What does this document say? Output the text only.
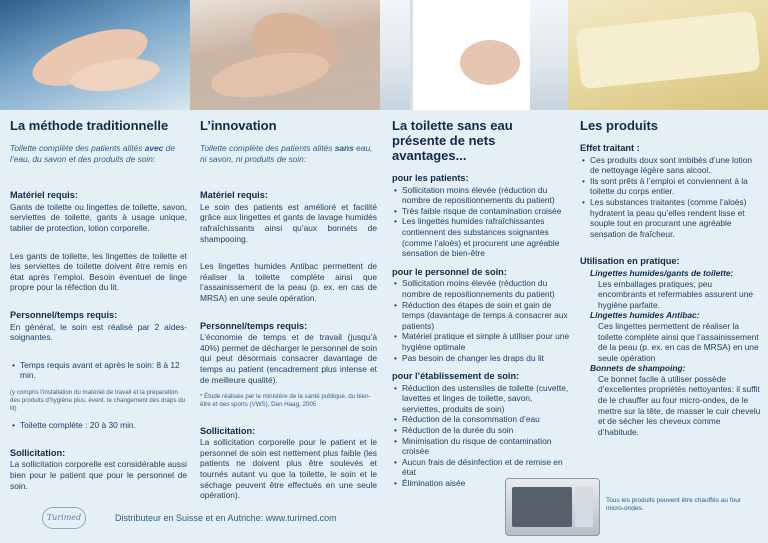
La méthode traditionnelle
Toilette complète des patients alités avec de l’eau, du savon et des produits de soin:
Matériel requis:

Gants de toilette ou lingettes de toilette, savon, serviettes de toilette, gants à usage unique, tablier de protection, lotion corporelle.

Les gants de toilette, les lingettes de toilette et les serviettes de toilette doivent être remis en état après l’emploi. Besoin éventuel de linge propre pour la réfection du lit.

Personnel/temps requis:

En général, le soin est réalisé par 2 aides-soignantes.

• Temps requis avant et après le soin: 8 à 12 min.
(y compris l’installation du matériel de travail et la préparation des produits d’hygiène plus, évent. le changement des draps du lit)
• Toilette complète : 20 à 30 min.
Sollicitation:

La sollicitation corporelle est considérable aussi bien pour le patient que pour le personnel de soin.

L’innovation
Toilette complète des patients alités sans eau, ni savon, ni produits de soin:
Matériel requis:

Le soin des patients est amélioré et facilité grâce aux lingettes et gants de lavage humidés rafraîchissants ainsi qu’aux bonnets de shampooing.

Les lingettes humides Antibac permettent de réaliser la toilette complète ainsi que l’assainissement de la peau (p. ex. en cas de MRSA) en une seule opération.

Personnel/temps requis:

L’économie de temps et de travail (jusqu’à 40%) permet de décharger le personnel de soin qui peut désormais consacrer davantage de temps au patient (encadrement plus intense et de meilleure qualité).

* Étude réalisée par le ministère de la santé publique, du bien-être et des sports (VWS), Den Haag, 2005
Sollicitation:

La sollicitation corporelle pour le patient et le personnel de soin est nettement plus faible (les patients ne doivent plus être soulevés et tournés autant vu que la toilette, le soin et le séchage peuvent être effectués en une seule opération).

La toilette sans eau présente de nets avantages...
pour les patients:
• Sollicitation moins élevée (réduction du nombre de repositionnements du patient)
• Très faible risque de contamination croisée
• Les lingettes humides rafraîchissantes contiennent des substances soignantes (comme l’aloès) et procurent une agréable sensation de bien-être
pour le personnel de soin:
• Sollicitation moins élevée (réduction du nombre de repositionnements du patient)
• Réduction des étapes de soin et gain de temps (davantage de temps à consacrer aux patients)
• Matériel pratique et simple à utiliser pour une hygiène optimale
• Pas besoin de changer les draps du lit
pour l’établissement de soin:
• Réduction des ustensiles de toilette (cuvette, lavettes et linges de toilette, savon, serviettes, produits de soin)
• Réduction de la consommation d’eau
• Réduction de la durée du soin
• Minimisation du risque de contamination croisée
• Aucun frais de désinfection et de remise en état
• Élimination aisée
Les produits
Effet traitant :
• Ces produits doux sont imbibés d’une lotion de nettoyage légère sans alcool.
• Ils sont prêts à l’emploi et conviennent à la toilette du corps entier.
• Les substances traitantes (comme l’aloès) hydratent la peau qu’elles rendent lisse et souple tout en procurant une agréable sensation de fraîcheur.
Utilisation en pratique:
Lingettes humides/gants de toilette:
Les emballages pratiques, peu encombrants et refermables assurent une hygiène parfaite.
Lingettes humides Antibac:
Ces lingettes permettent de réaliser la toilette complète ainsi que l’assainissement de la peau (p. ex. en cas de MRSA) en une seule opération
Bonnets de shampoing:
Ce bonnet facile à utiliser possède d’excellentes propriétés nettoyantes: il suffit de le chauffer au four micro-ondes, de le mettre sur la tête, de masser le cuir chevelu et de sécher les cheveux comme d’habitude.
Turimed	Distributeur en Suisse et en Autriche: www.turimed.com
Tous les produits peuvent être chauffés au four micro-ondes.
